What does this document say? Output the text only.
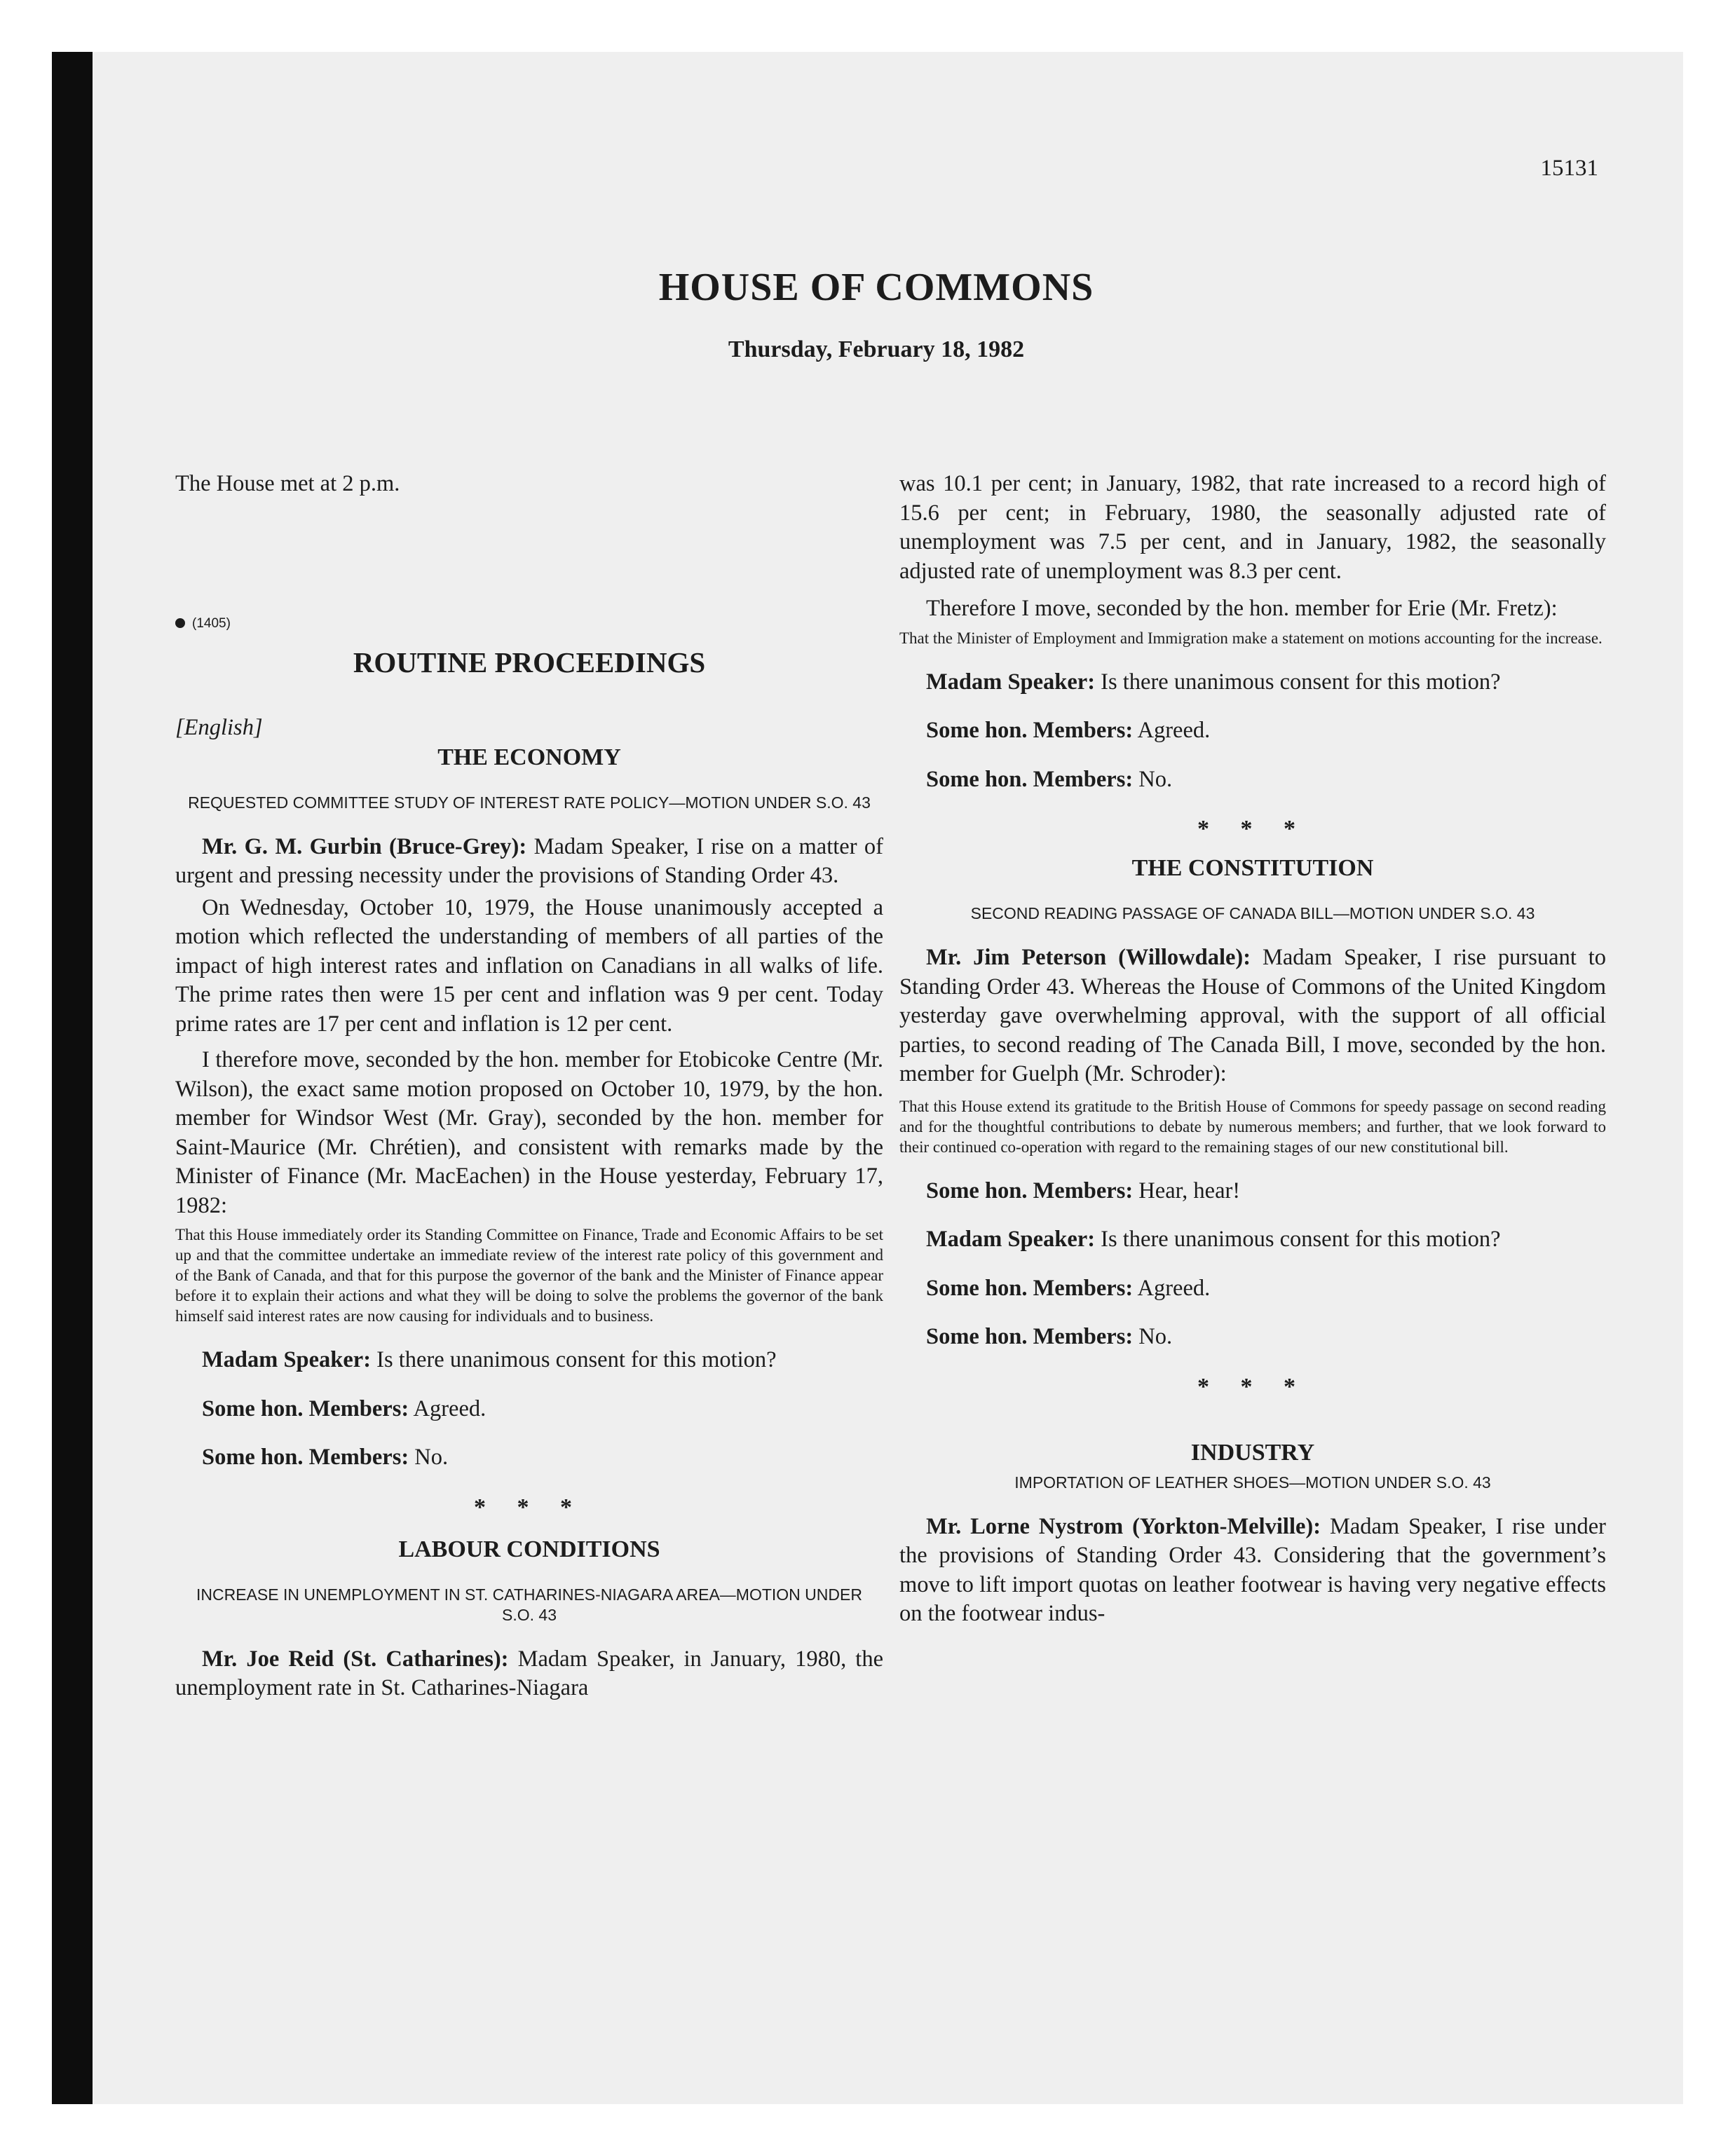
15131
HOUSE OF COMMONS
Thursday, February 18, 1982

The House met at 2 p.m.

(1405)
ROUTINE PROCEEDINGS
[English]
THE ECONOMY
REQUESTED COMMITTEE STUDY OF INTEREST RATE POLICY—MOTION UNDER S.O. 43

Mr. G. M. Gurbin (Bruce-Grey): Madam Speaker, I rise on a matter of urgent and pressing necessity under the provisions of Standing Order 43.

On Wednesday, October 10, 1979, the House unanimously accepted a motion which reflected the understanding of members of all parties of the impact of high interest rates and inflation on Canadians in all walks of life. The prime rates then were 15 per cent and inflation was 9 per cent. Today prime rates are 17 per cent and inflation is 12 per cent.

I therefore move, seconded by the hon. member for Etobicoke Centre (Mr. Wilson), the exact same motion proposed on October 10, 1979, by the hon. member for Windsor West (Mr. Gray), seconded by the hon. member for Saint-Maurice (Mr. Chrétien), and consistent with remarks made by the Minister of Finance (Mr. MacEachen) in the House yesterday, February 17, 1982:

That this House immediately order its Standing Committee on Finance, Trade and Economic Affairs to be set up and that the committee undertake an immediate review of the interest rate policy of this government and of the Bank of Canada, and that for this purpose the governor of the bank and the Minister of Finance appear before it to explain their actions and what they will be doing to solve the problems the governor of the bank himself said interest rates are now causing for individuals and to business.

Madam Speaker: Is there unanimous consent for this motion?

Some hon. Members: Agreed.

Some hon. Members: No.

* * *
LABOUR CONDITIONS
INCREASE IN UNEMPLOYMENT IN ST. CATHARINES-NIAGARA AREA—MOTION UNDER S.O. 43

Mr. Joe Reid (St. Catharines): Madam Speaker, in January, 1980, the unemployment rate in St. Catharines-Niagara

was 10.1 per cent; in January, 1982, that rate increased to a record high of 15.6 per cent; in February, 1980, the seasonally adjusted rate of unemployment was 7.5 per cent, and in January, 1982, the seasonally adjusted rate of unemployment was 8.3 per cent.

Therefore I move, seconded by the hon. member for Erie (Mr. Fretz):

That the Minister of Employment and Immigration make a statement on motions accounting for the increase.

Madam Speaker: Is there unanimous consent for this motion?

Some hon. Members: Agreed.

Some hon. Members: No.

* * *
THE CONSTITUTION
SECOND READING PASSAGE OF CANADA BILL—MOTION UNDER S.O. 43

Mr. Jim Peterson (Willowdale): Madam Speaker, I rise pursuant to Standing Order 43. Whereas the House of Commons of the United Kingdom yesterday gave overwhelming approval, with the support of all official parties, to second reading of The Canada Bill, I move, seconded by the hon. member for Guelph (Mr. Schroder):

That this House extend its gratitude to the British House of Commons for speedy passage on second reading and for the thoughtful contributions to debate by numerous members; and further, that we look forward to their continued co-operation with regard to the remaining stages of our new constitutional bill.

Some hon. Members: Hear, hear!

Madam Speaker: Is there unanimous consent for this motion?

Some hon. Members: Agreed.

Some hon. Members: No.

* * *
INDUSTRY
IMPORTATION OF LEATHER SHOES—MOTION UNDER S.O. 43

Mr. Lorne Nystrom (Yorkton-Melville): Madam Speaker, I rise under the provisions of Standing Order 43. Considering that the government’s move to lift import quotas on leather footwear is having very negative effects on the footwear indus-
